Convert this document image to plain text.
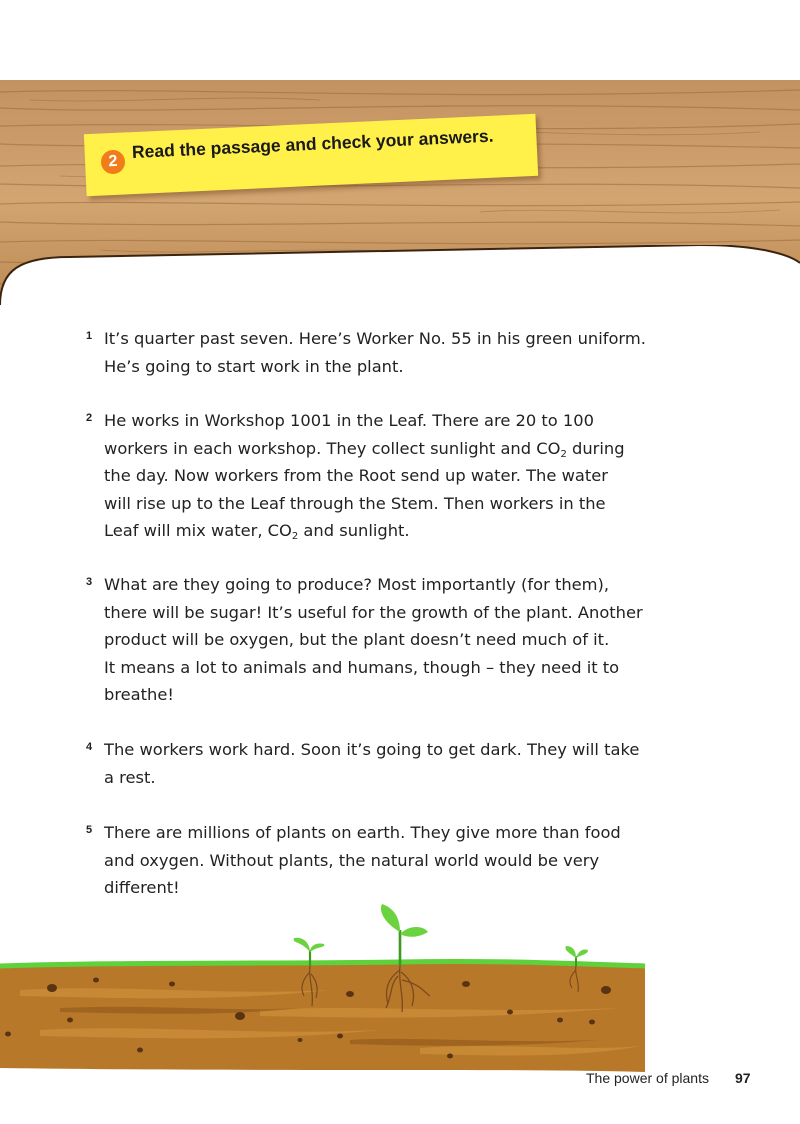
2 Read the passage and check your answers.
1 It’s quarter past seven. Here’s Worker No. 55 in his green uniform.
He’s going to start work in the plant.
2 He works in Workshop 1001 in the Leaf. There are 20 to 100
workers in each workshop. They collect sunlight and $CO_2$ during
the day. Now workers from the Root send up water. The water
will rise up to the Leaf through the Stem. Then workers in the
Leaf will mix water, $CO_2$ and sunlight.
3 What are they going to produce? Most importantly (for them),
there will be sugar! It’s useful for the growth of the plant. Another
product will be oxygen, but the plant doesn’t need much of it.
It means a lot to animals and humans, though – they need it to
breathe!
4 The workers work hard. Soon it’s going to get dark. They will take
a rest.
5 There are millions of plants on earth. They give more than food
and oxygen. Without plants, the natural world would be very
different!
The power of plants 97
